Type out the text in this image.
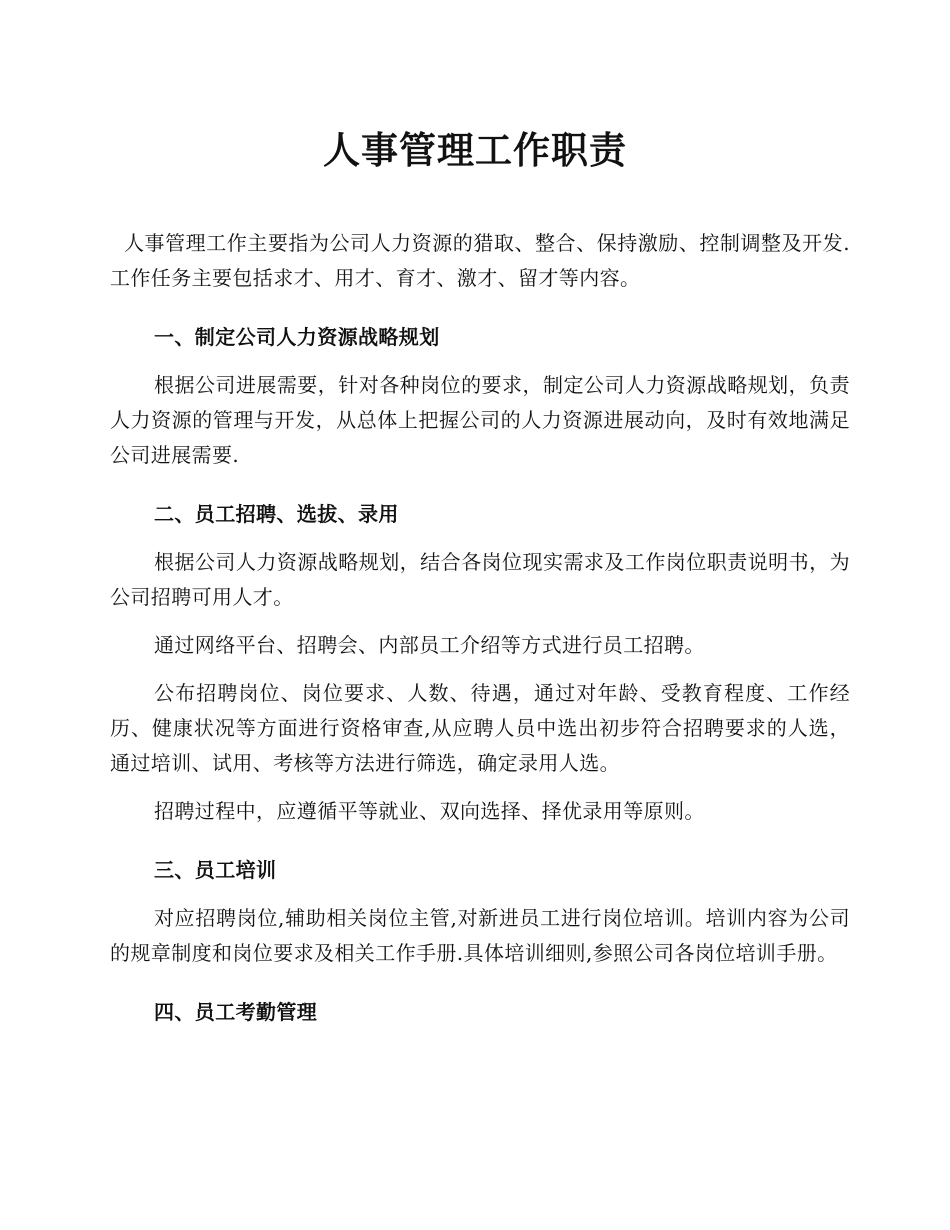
人事管理工作职责

人事管理工作主要指为公司人力资源的猎取、整合、保持激励、控制调整及开发.工作任务主要包括求才、用才、育才、激才、留才等内容。

一、制定公司人力资源战略规划

根据公司进展需要，针对各种岗位的要求，制定公司人力资源战略规划，负责人力资源的管理与开发，从总体上把握公司的人力资源进展动向，及时有效地满足公司进展需要.

二、员工招聘、选拔、录用

根据公司人力资源战略规划，结合各岗位现实需求及工作岗位职责说明书，为公司招聘可用人才。

通过网络平台、招聘会、内部员工介绍等方式进行员工招聘。

公布招聘岗位、岗位要求、人数、待遇，通过对年龄、受教育程度、工作经历、健康状况等方面进行资格审查,从应聘人员中选出初步符合招聘要求的人选，通过培训、试用、考核等方法进行筛选，确定录用人选。

招聘过程中，应遵循平等就业、双向选择、择优录用等原则。

三、员工培训

对应招聘岗位,辅助相关岗位主管,对新进员工进行岗位培训。培训内容为公司的规章制度和岗位要求及相关工作手册.具体培训细则,参照公司各岗位培训手册。

四、员工考勤管理
